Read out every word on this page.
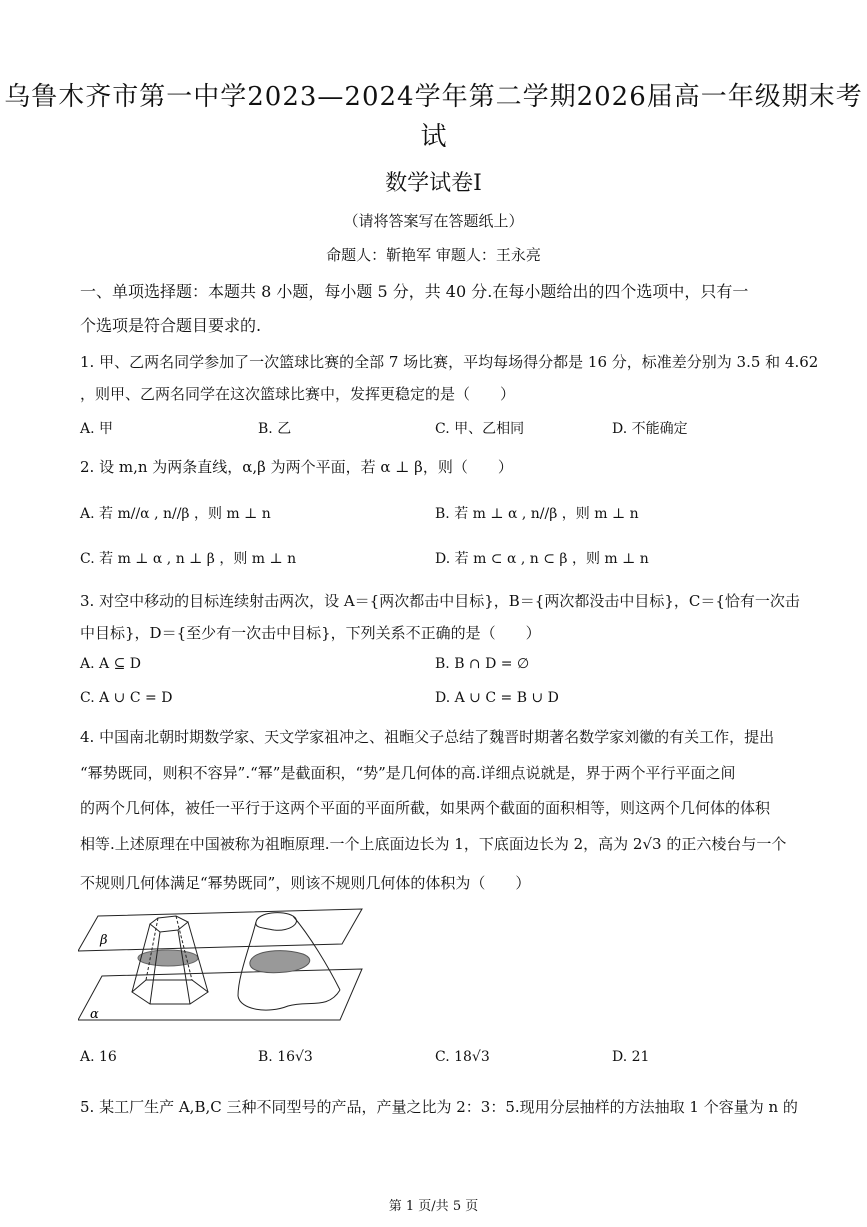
乌鲁木齐市第一中学2023—2024学年第二学期2026届高一年级期末考
试
数学试卷Ⅰ
（请将答案写在答题纸上）
命题人：靳艳军 审题人：王永亮
一、单项选择题：本题共 8 小题，每小题 5 分，共 40 分.在每小题给出的四个选项中，只有一
个选项是符合题目要求的.
1. 甲、乙两名同学参加了一次篮球比赛的全部 7 场比赛，平均每场得分都是 16 分，标准差分别为 3.5 和 4.62
，则甲、乙两名同学在这次篮球比赛中，发挥更稳定的是（　　）
A. 甲	B. 乙	C. 甲、乙相同	D. 不能确定
2. 设 m,n 为两条直线，α,β 为两个平面，若 α ⊥ β，则（　　）
A. 若 m//α , n//β ，则 m ⊥ n	B. 若 m ⊥ α , n//β ，则 m ⊥ n
C. 若 m ⊥ α , n ⊥ β ，则 m ⊥ n	D. 若 m ⊂ α , n ⊂ β ，则 m ⊥ n
3. 对空中移动的目标连续射击两次，设 A＝{两次都击中目标}，B＝{两次都没击中目标}，C＝{恰有一次击
中目标}，D＝{至少有一次击中目标}，下列关系不正确的是（　　）
A. A ⊆ D	B. B ∩ D = ∅
C. A ∪ C = D	D. A ∪ C = B ∪ D
4. 中国南北朝时期数学家、天文学家祖冲之、祖暅父子总结了魏晋时期著名数学家刘徽的有关工作，提出
“幂势既同，则积不容异”.“幂”是截面积，“势”是几何体的高.详细点说就是，界于两个平行平面之间
的两个几何体，被任一平行于这两个平面的平面所截，如果两个截面的面积相等，则这两个几何体的体积
相等.上述原理在中国被称为祖暅原理.一个上底面边长为 1，下底面边长为 2，高为 2√3 的正六棱台与一个
不规则几何体满足“幂势既同”，则该不规则几何体的体积为（　　）
β
α
A. 16	B. 16√3	C. 18√3	D. 21
5. 某工厂生产 A,B,C 三种不同型号的产品，产量之比为 2：3：5.现用分层抽样的方法抽取 1 个容量为 n 的
第 1 页/共 5 页
